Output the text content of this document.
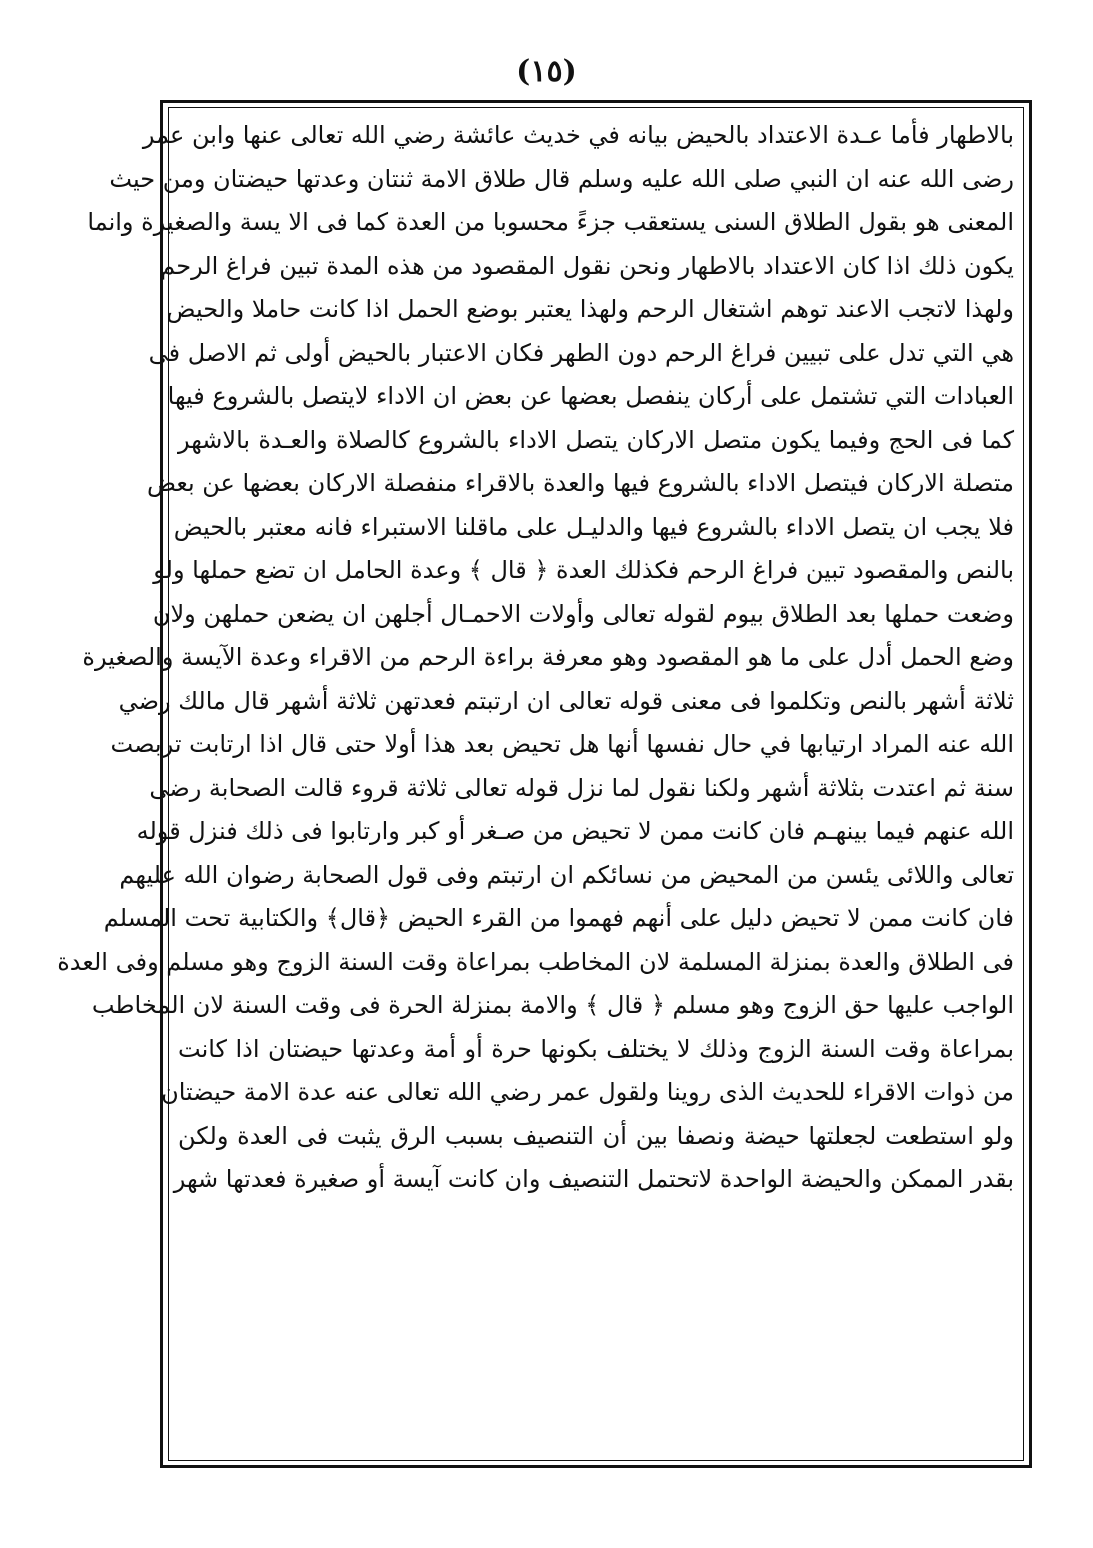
(١٥)
بالاطهار فأما عـدة الاعتداد بالحيض بيانه في خديث عائشة رضي الله تعالى عنها وابن عمر
رضى الله عنه ان النبي صلى الله عليه وسلم قال طلاق الامة ثنتان وعدتها حيضتان ومن حيث
المعنى هو بقول الطلاق السنى يستعقب جزءً محسوبا من العدة كما فى الا يسة والصغيرة وانما
يكون ذلك اذا كان الاعتداد بالاطهار ونحن نقول المقصود من هذه المدة تبين فراغ الرحم
ولهذا لاتجب الاعند توهم اشتغال الرحم ولهذا يعتبر بوضع الحمل اذا كانت حاملا والحيض
هي التي تدل على تبيين فراغ الرحم دون الطهر فكان الاعتبار بالحيض أولى ثم الاصل فى
العبادات التي تشتمل على أركان ينفصل بعضها عن بعض ان الاداء لايتصل بالشروع فيها
كما فى الحج وفيما يكون متصل الاركان يتصل الاداء بالشروع كالصلاة والعـدة بالاشهر
متصلة الاركان فيتصل الاداء بالشروع فيها والعدة بالاقراء منفصلة الاركان بعضها عن بعض
فلا يجب ان يتصل الاداء بالشروع فيها والدليـل على ماقلنا الاستبراء فانه معتبر بالحيض
بالنص والمقصود تبين فراغ الرحم فكذلك العدة ﴿ قال ﴾ وعدة الحامل ان تضع حملها ولو
وضعت حملها بعد الطلاق بيوم لقوله تعالى وأولات الاحمـال أجلهن ان يضعن حملهن ولان
وضع الحمل أدل على ما هو المقصود وهو معرفة براءة الرحم من الاقراء وعدة الآيسة والصغيرة
ثلاثة أشهر بالنص وتكلموا فى معنى قوله تعالى ان ارتبتم فعدتهن ثلاثة أشهر قال مالك رضي
الله عنه المراد ارتيابها في حال نفسها أنها هل تحيض بعد هذا أولا حتى قال اذا ارتابت تربصت
سنة ثم اعتدت بثلاثة أشهر ولكنا نقول لما نزل قوله تعالى ثلاثة قروء قالت الصحابة رضى
الله عنهم فيما بينهـم فان كانت ممن لا تحيض من صـغر أو كبر وارتابوا فى ذلك فنزل قوله
تعالى واللائى يئسن من المحيض من نسائكم ان ارتبتم وفى قول الصحابة رضوان الله عليهم
فان كانت ممن لا تحيض دليل على أنهم فهموا من القرء الحيض ﴿قال﴾ والكتابية تحت المسلم
فى الطلاق والعدة بمنزلة المسلمة لان المخاطب بمراعاة وقت السنة الزوج وهو مسلم وفى العدة
الواجب عليها حق الزوج وهو مسلم ﴿ قال ﴾ والامة بمنزلة الحرة فى وقت السنة لان المخاطب
بمراعاة وقت السنة الزوج وذلك لا يختلف بكونها حرة أو أمة وعدتها حيضتان اذا كانت
من ذوات الاقراء للحديث الذى روينا ولقول عمر رضي الله تعالى عنه عدة الامة حيضتان
ولو استطعت لجعلتها حيضة ونصفا بين أن التنصيف بسبب الرق يثبت فى العدة ولكن
بقدر الممكن والحيضة الواحدة لاتحتمل التنصيف وان كانت آيسة أو صغيرة فعدتها شهر
